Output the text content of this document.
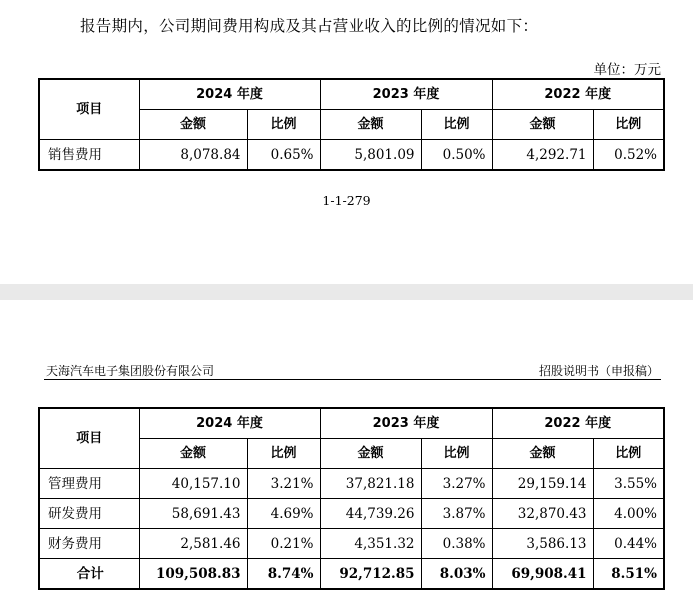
报告期内，公司期间费用构成及其占营业收入的比例的情况如下：
单位：万元
项目	2024 年度		2023 年度		2022 年度	
	金额	比例	金额	比例	金额	比例
销售费用	8,078.84	0.65%	5,801.09	0.50%	4,292.71	0.52%
1-1-279
天海汽车电子集团股份有限公司	招股说明书（申报稿）
项目	2024 年度		2023 年度		2022 年度	
	金额	比例	金额	比例	金额	比例
管理费用	40,157.10	3.21%	37,821.18	3.27%	29,159.14	3.55%
研发费用	58,691.43	4.69%	44,739.26	3.87%	32,870.43	4.00%
财务费用	2,581.46	0.21%	4,351.32	0.38%	3,586.13	0.44%
合计	109,508.83	8.74%	92,712.85	8.03%	69,908.41	8.51%
